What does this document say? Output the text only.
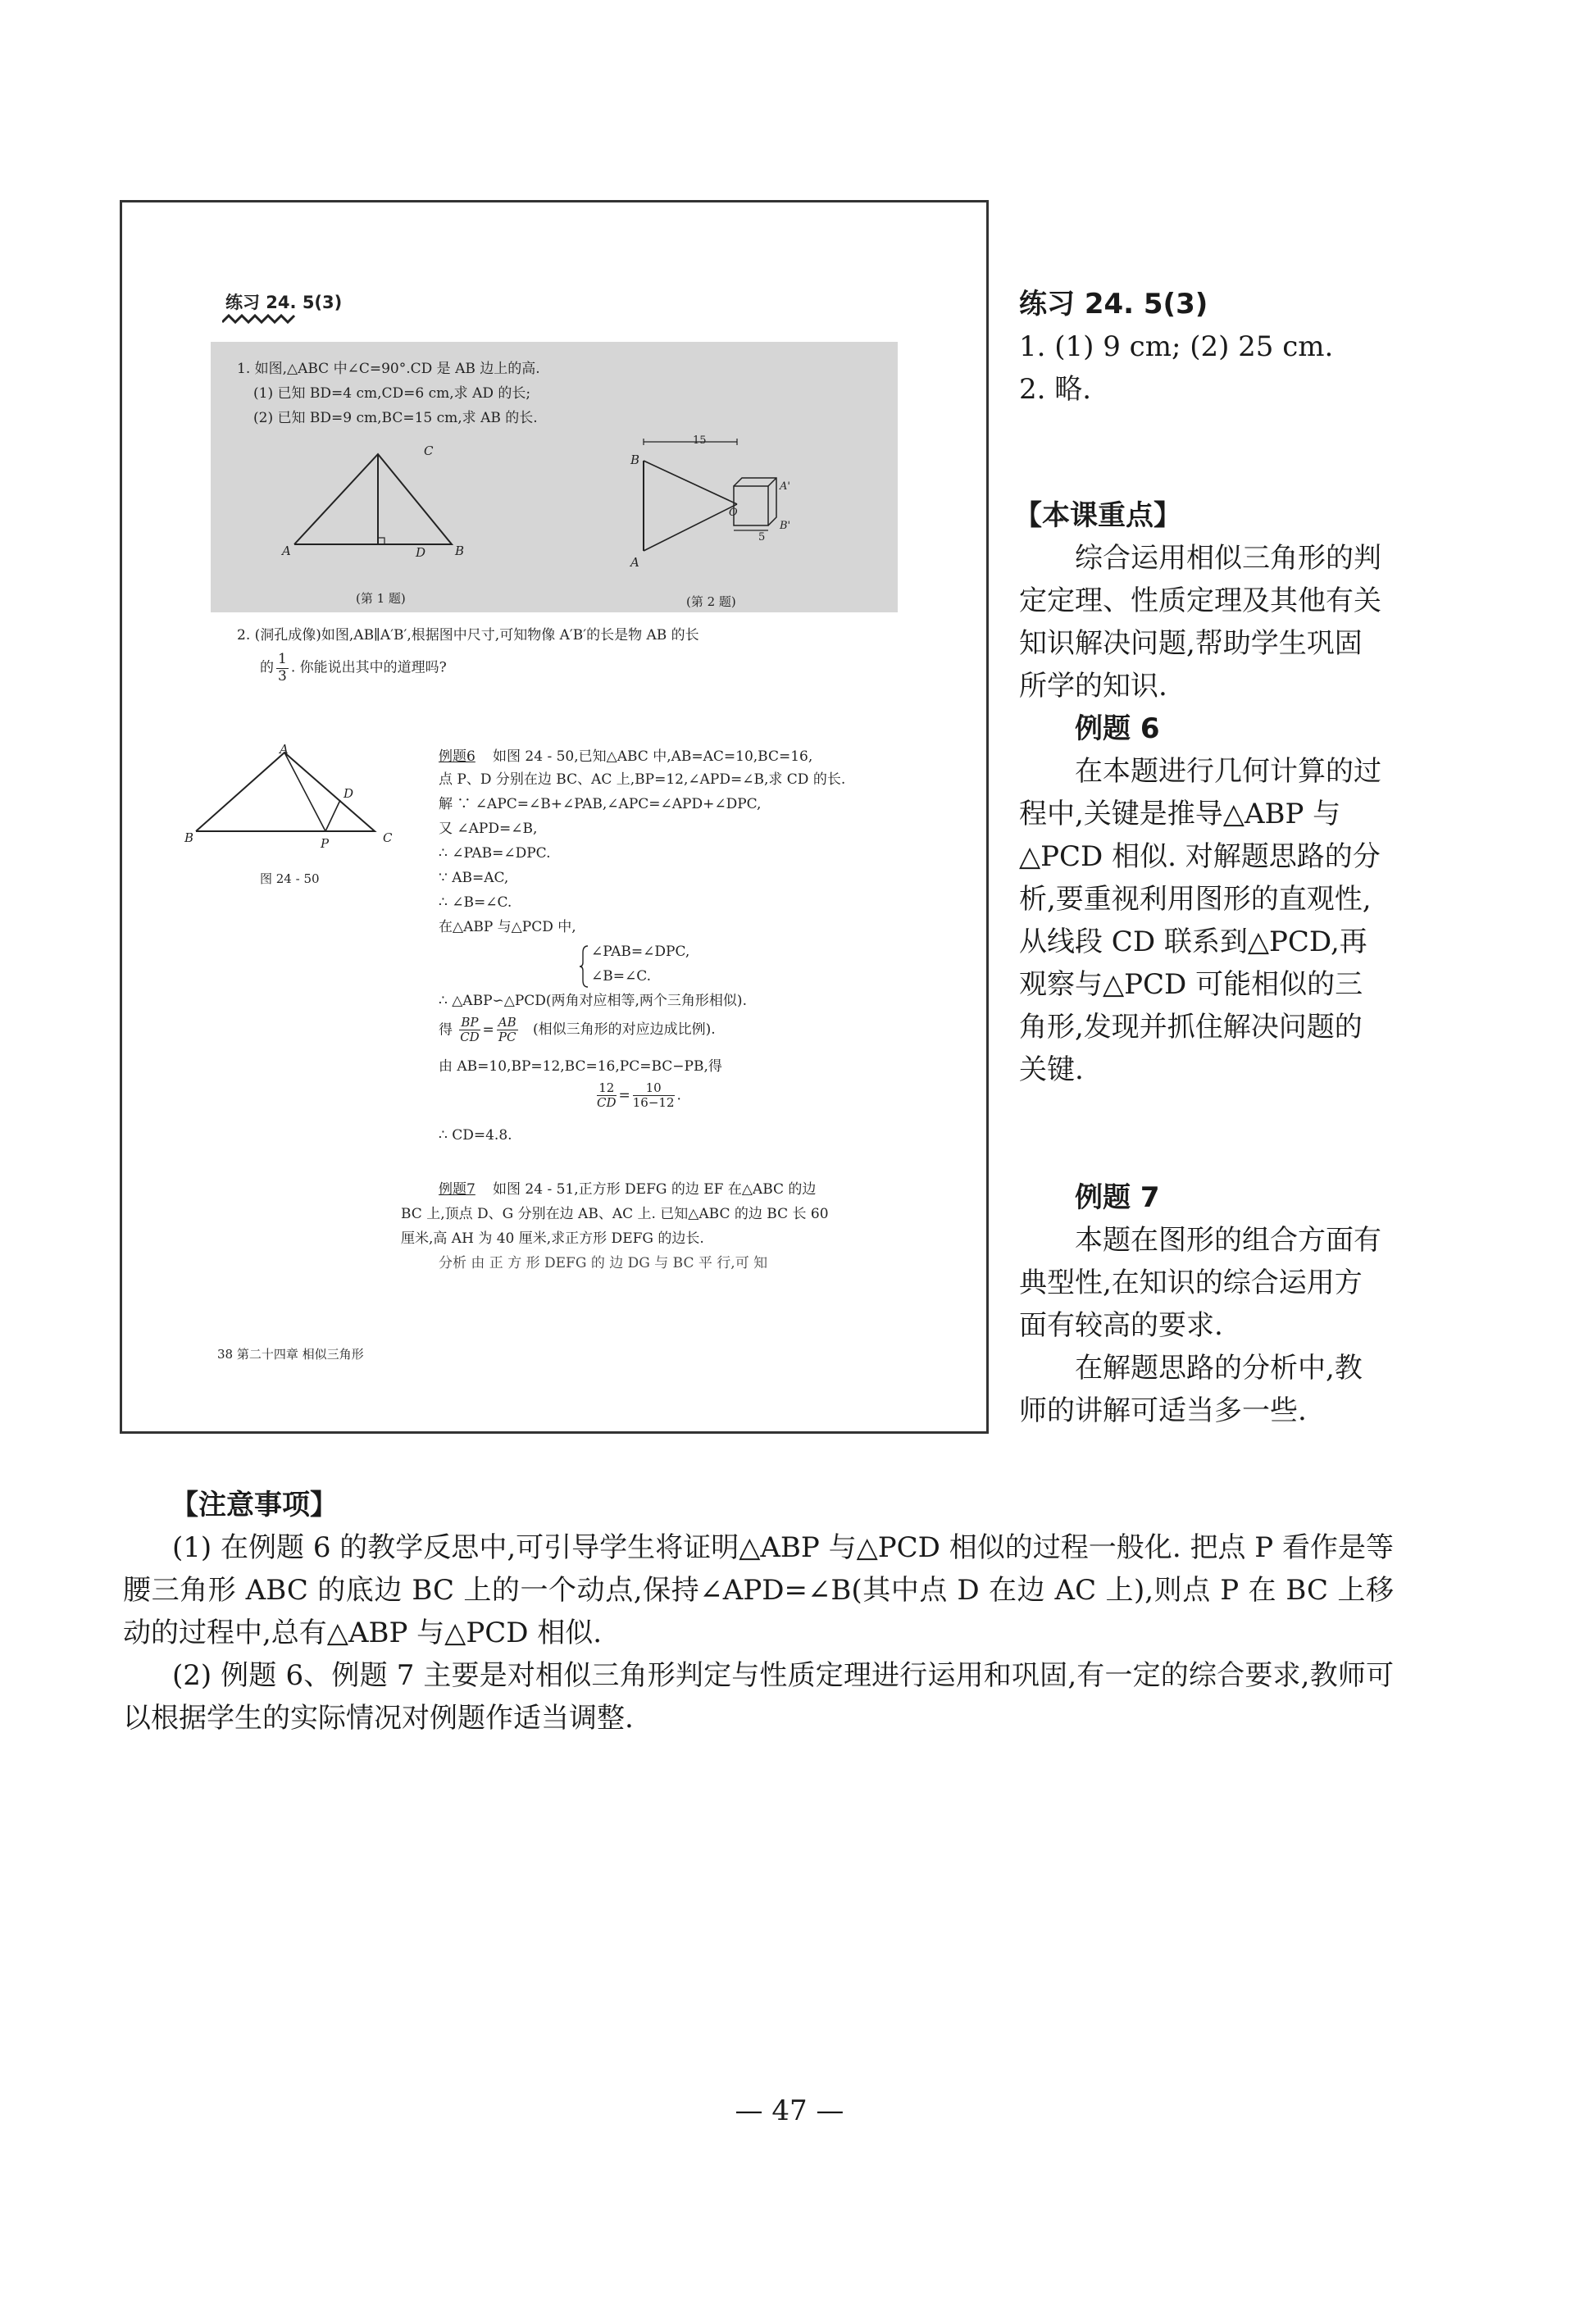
练习 24. 5(3)
1. 如图,△ABC 中∠C=90°.CD 是 AB 边上的高.
(1) 已知 BD=4 cm,CD=6 cm,求 AD 的长;
(2) 已知 BD=9 cm,BC=15 cm,求 AB 的长.
C
A	B
D
(第 1 题)
15
B
A
O
A'
B'
5
(第 2 题)
2. (洞孔成像)如图,AB∥A′B′,根据图中尺寸,可知物像 A′B′的长是物 AB 的长
的 $\frac{1}{3}$ . 你能说出其中的道理吗?
A
B	C
D
P
图 24 - 50
例题6 如图 24 - 50,已知△ABC 中,AB=AC=10,BC=16,
点 P、D 分别在边 BC、AC 上,BP=12,∠APD=∠B,求 CD 的长.
解 ∵ ∠APC=∠B+∠PAB,∠APC=∠APD+∠DPC,
又 ∠APD=∠B,
∴ ∠PAB=∠DPC.
∵ AB=AC,
∴ ∠B=∠C.
在△ABP 与△PCD 中,
∠PAB=∠DPC,
∠B=∠C.
∴ △ABP∽△PCD(两角对应相等,两个三角形相似).
得 $\frac{BP}{CD} = \frac{AB}{PC}$ (相似三角形的对应边成比例).
由 AB=10,BP=12,BC=16,PC=BC−PB,得
$\frac{12}{CD} = \frac{10}{16-12}$ .
∴ CD=4.8.
例题7 如图 24 - 51,正方形 DEFG 的边 EF 在△ABC 的边
BC 上,顶点 D、G 分别在边 AB、AC 上. 已知△ABC 的边 BC 长 60
厘米,高 AH 为 40 厘米,求正方形 DEFG 的边长.
分析 由 正 方 形 DEFG 的 边 DG 与 BC 平 行,可 知
38 第二十四章 相似三角形

练习 24. 5(3)

1. (1) 9 cm; (2) 25 cm.

2. 略.

【本课重点】

综合运用相似三角形的判

定定理、性质定理及其他有关

知识解决问题,帮助学生巩固

所学的知识.

例题 6

在本题进行几何计算的过

程中,关键是推导△ABP 与

△PCD 相似. 对解题思路的分

析,要重视利用图形的直观性,

从线段 CD 联系到△PCD,再

观察与△PCD 可能相似的三

角形,发现并抓住解决问题的

关键.

例题 7

本题在图形的组合方面有

典型性,在知识的综合运用方

面有较高的要求.

在解题思路的分析中,教

师的讲解可适当多一些.

【注意事项】

(1) 在例题 6 的教学反思中,可引导学生将证明△ABP 与△PCD 相似的过程一般化. 把点 P 看作是等腰三角形 ABC 的底边 BC 上的一个动点,保持∠APD=∠B(其中点 D 在边 AC 上),则点 P 在 BC 上移动的过程中,总有△ABP 与△PCD 相似.

(2) 例题 6、例题 7 主要是对相似三角形判定与性质定理进行运用和巩固,有一定的综合要求,教师可以根据学生的实际情况对例题作适当调整.

— 47 —
